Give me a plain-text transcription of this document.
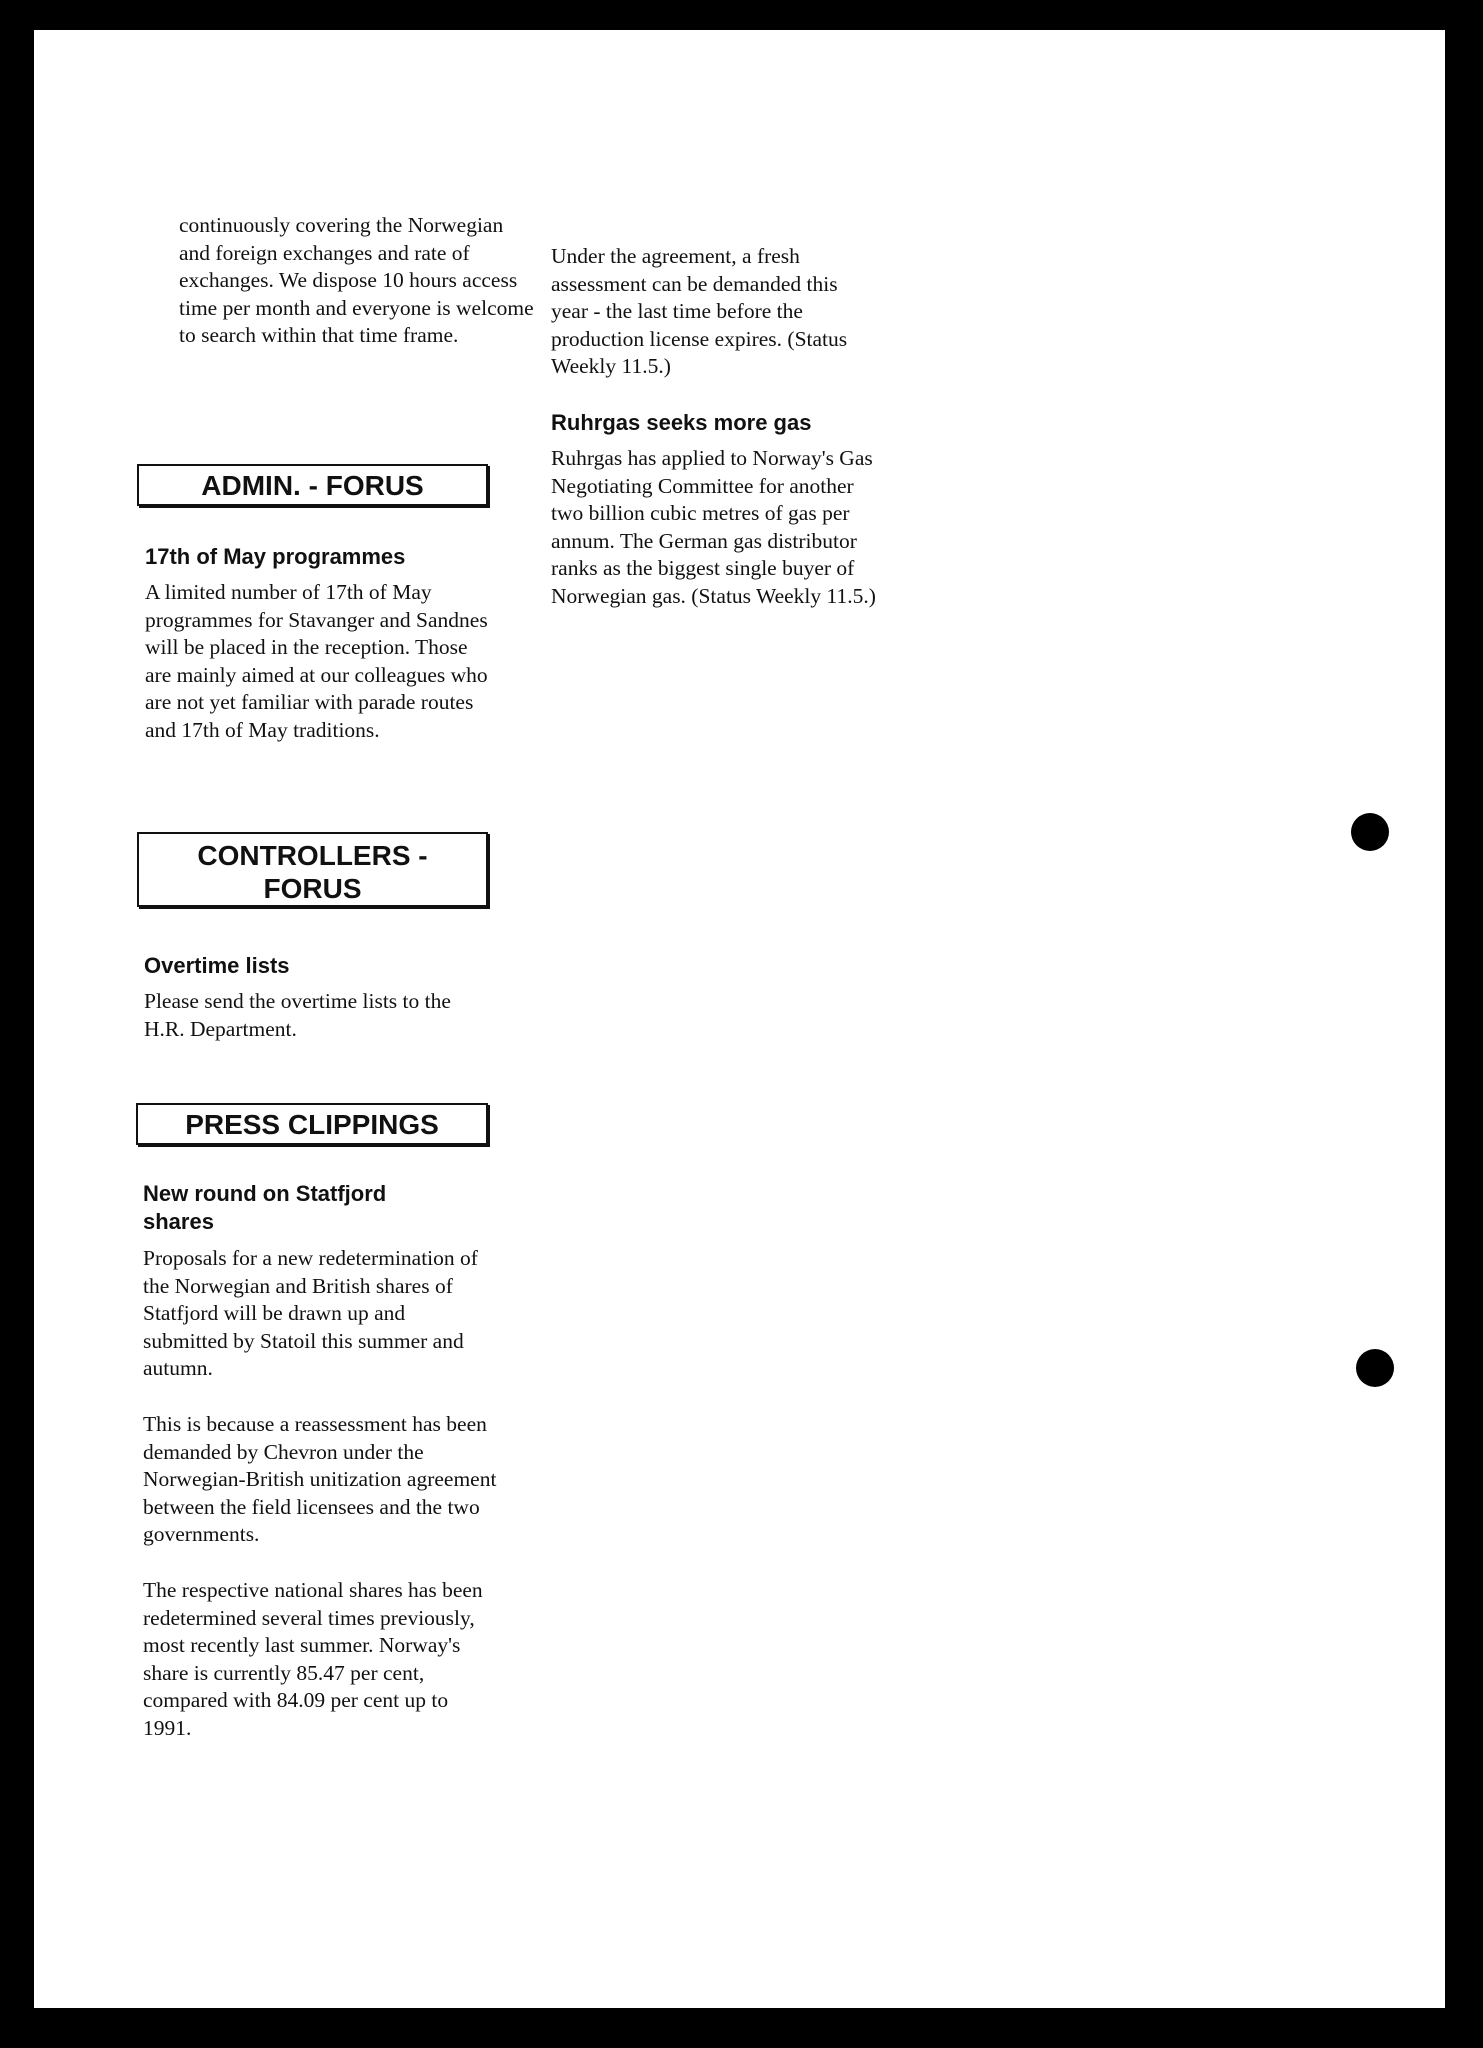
continuously covering the Norwegian and foreign exchanges and rate of exchanges. We dispose 10 hours access time per month and everyone is welcome to search within that time frame.

ADMIN. - FORUS

17th of May programmes

A limited number of 17th of May programmes for Stavanger and Sandnes will be placed in the reception. Those are mainly aimed at our colleagues who are not yet familiar with parade routes and 17th of May traditions.

CONTROLLERS - FORUS

Overtime lists

Please send the overtime lists to the H.R. Department.

PRESS CLIPPINGS

New round on Statfjord shares

Proposals for a new redetermination of the Norwegian and British shares of Statfjord will be drawn up and submitted by Statoil this summer and autumn.

This is because a reassessment has been demanded by Chevron under the Norwegian-British unitization agreement between the field licensees and the two governments.

The respective national shares has been redetermined several times previously, most recently last summer. Norway's share is currently 85.47 per cent, compared with 84.09 per cent up to 1991.

Under the agreement, a fresh assessment can be demanded this year - the last time before the production license expires. (Status Weekly 11.5.)

Ruhrgas seeks more gas

Ruhrgas has applied to Norway's Gas Negotiating Committee for another two billion cubic metres of gas per annum. The German gas distributor ranks as the biggest single buyer of Norwegian gas. (Status Weekly 11.5.)
